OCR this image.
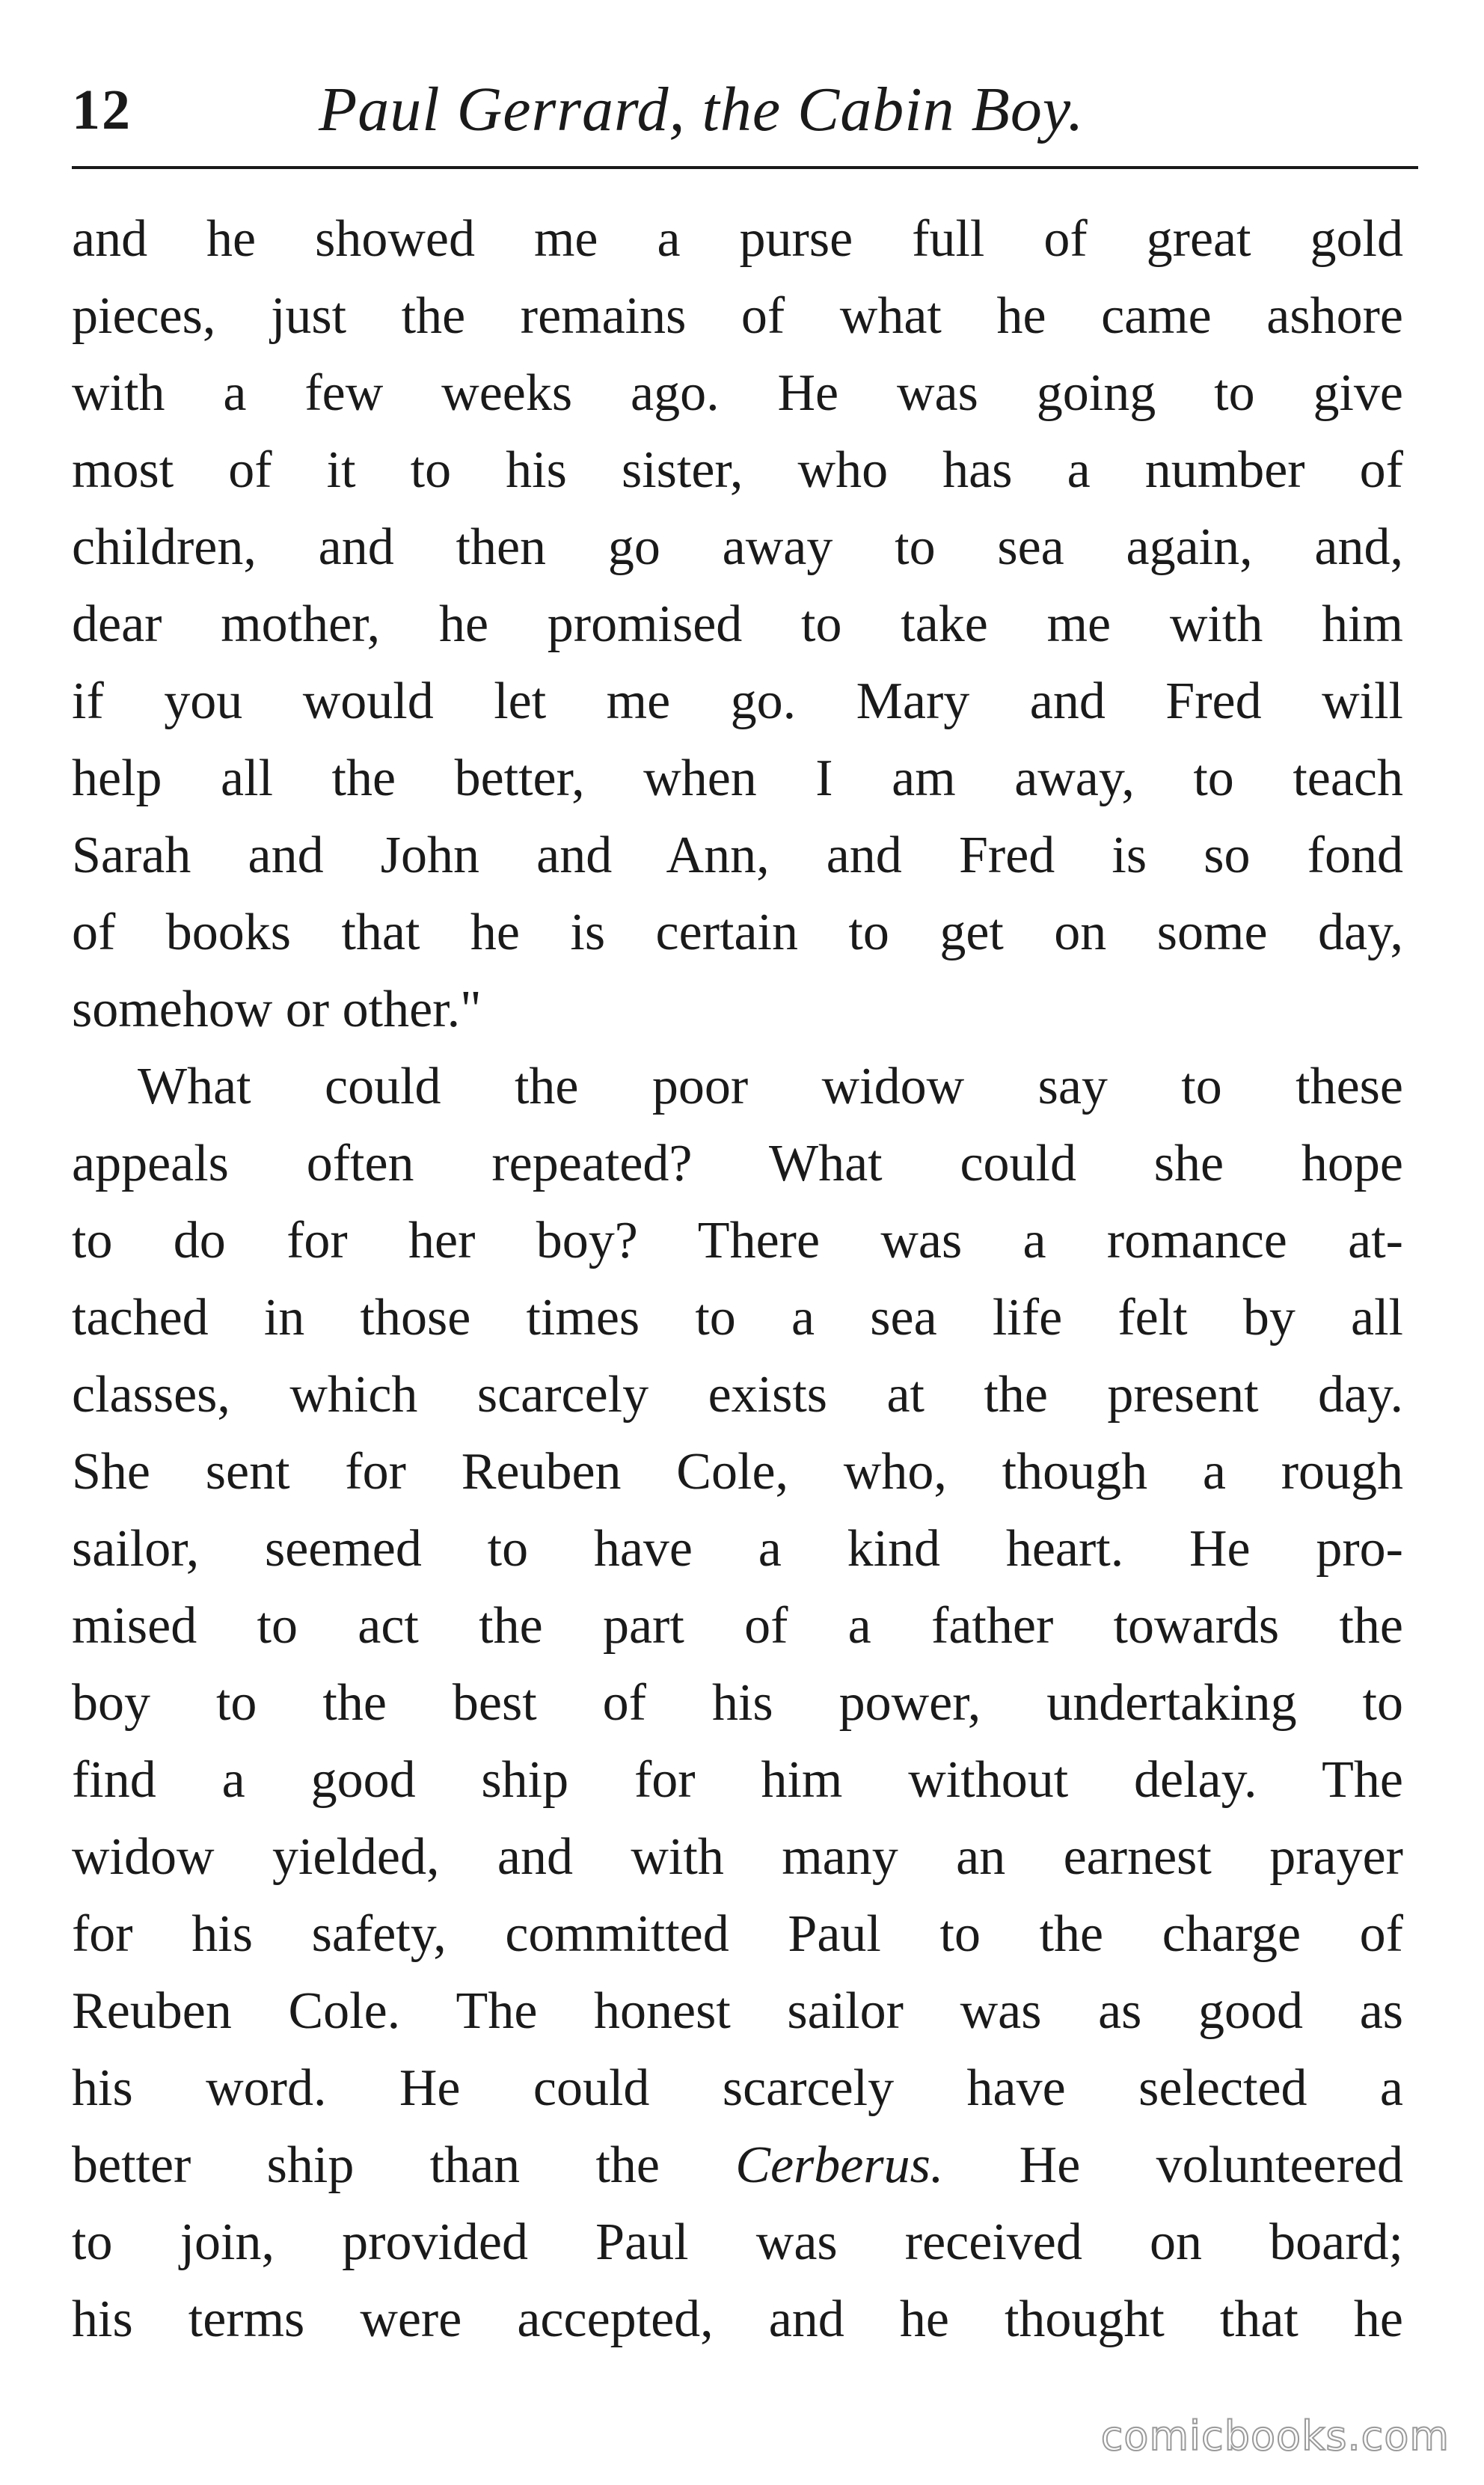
12	Paul Gerrard, the Cabin Boy.
and he showed me a purse full of great gold
pieces, just the remains of what he came ashore
with a few weeks ago. He was going to give
most of it to his sister, who has a number of
children, and then go away to sea again, and,
dear mother, he promised to take me with him
if you would let me go. Mary and Fred will
help all the better, when I am away, to teach
Sarah and John and Ann, and Fred is so fond
of books that he is certain to get on some day,
somehow or other."
What could the poor widow say to these
appeals often repeated? What could she hope
to do for her boy? There was a romance at-
tached in those times to a sea life felt by all
classes, which scarcely exists at the present day.
She sent for Reuben Cole, who, though a rough
sailor, seemed to have a kind heart. He pro-
mised to act the part of a father towards the
boy to the best of his power, undertaking to
find a good ship for him without delay. The
widow yielded, and with many an earnest prayer
for his safety, committed Paul to the charge of
Reuben Cole. The honest sailor was as good as
his word. He could scarcely have selected a
better ship than the Cerberus. He volunteered
to join, provided Paul was received on board;
his terms were accepted, and he thought that he
comicbooks.com
